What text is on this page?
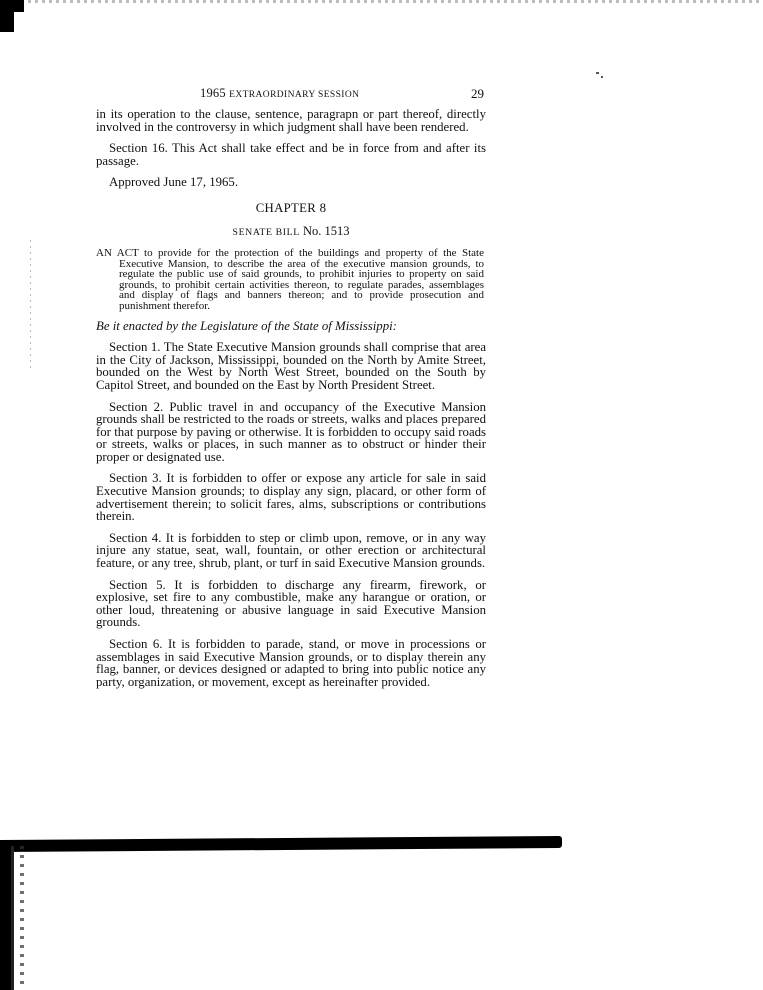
1965 EXTRAORDINARY SESSION	29

in its operation to the clause, sentence, paragrapn or part thereof, directly involved in the controversy in which judgment shall have been rendered.

Section 16. This Act shall take effect and be in force from and after its passage.

Approved June 17, 1965.

CHAPTER 8
SENATE BILL No. 1513

AN ACT to provide for the protection of the buildings and property of the State Executive Mansion, to describe the area of the executive mansion grounds, to regulate the public use of said grounds, to prohibit injuries to property on said grounds, to prohibit certain activities thereon, to regulate parades, assemblages and display of flags and banners thereon; and to provide prosecution and punishment therefor.

Be it enacted by the Legislature of the State of Mississippi:

Section 1. The State Executive Mansion grounds shall comprise that area in the City of Jackson, Mississippi, bounded on the North by Amite Street, bounded on the West by North West Street, bounded on the South by Capitol Street, and bounded on the East by North President Street.

Section 2. Public travel in and occupancy of the Executive Mansion grounds shall be restricted to the roads or streets, walks and places prepared for that purpose by paving or otherwise. It is forbidden to occupy said roads or streets, walks or places, in such manner as to obstruct or hinder their proper or designated use.

Section 3. It is forbidden to offer or expose any article for sale in said Executive Mansion grounds; to display any sign, placard, or other form of advertisement therein; to solicit fares, alms, subscriptions or contributions therein.

Section 4. It is forbidden to step or climb upon, remove, or in any way injure any statue, seat, wall, fountain, or other erection or architectural feature, or any tree, shrub, plant, or turf in said Executive Mansion grounds.

Section 5. It is forbidden to discharge any firearm, firework, or explosive, set fire to any combustible, make any harangue or oration, or other loud, threatening or abusive language in said Executive Mansion grounds.

Section 6. It is forbidden to parade, stand, or move in processions or assemblages in said Executive Mansion grounds, or to display therein any flag, banner, or devices designed or adapted to bring into public notice any party, organization, or movement, except as hereinafter provided.
